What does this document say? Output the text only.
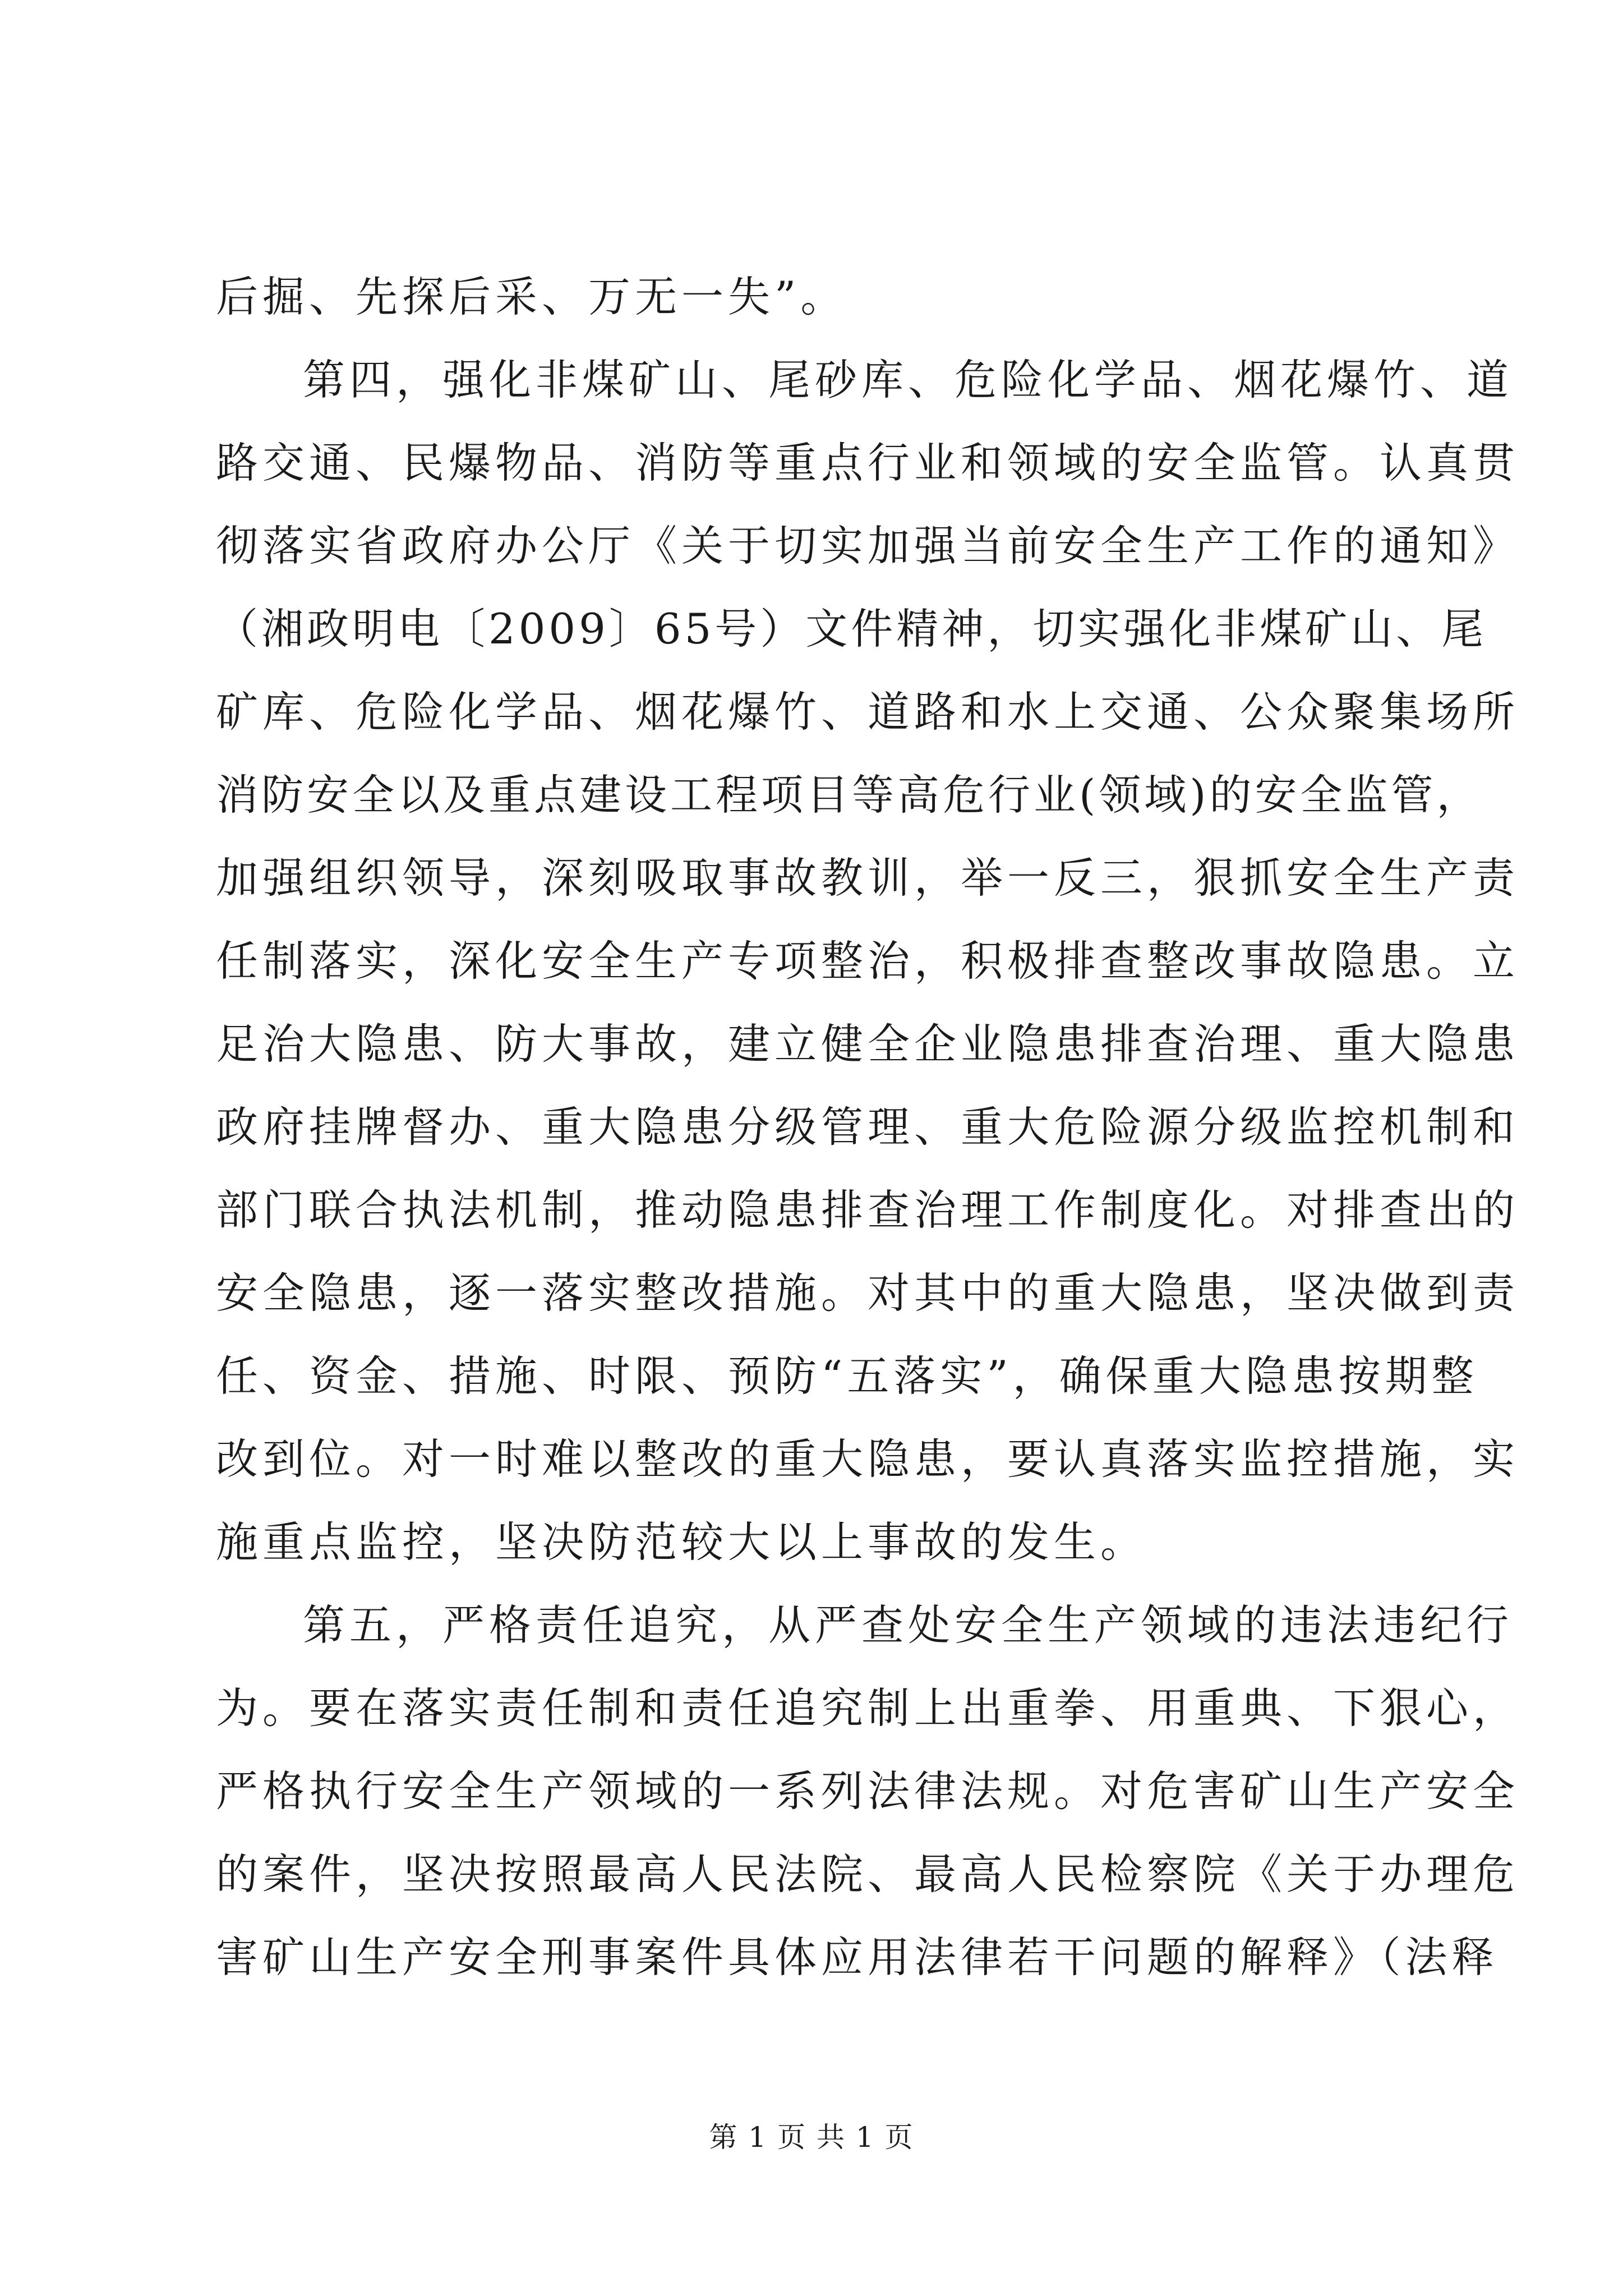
后掘、先探后采、万无一失”。
第四，强化非煤矿山、尾砂库、危险化学品、烟花爆竹、道
路交通、民爆物品、消防等重点行业和领域的安全监管。认真贯
彻落实省政府办公厅《关于切实加强当前安全生产工作的通知》
（湘政明电〔2009〕65号）文件精神，切实强化非煤矿山、尾
矿库、危险化学品、烟花爆竹、道路和水上交通、公众聚集场所
消防安全以及重点建设工程项目等高危行业(领域)的安全监管，
加强组织领导，深刻吸取事故教训，举一反三，狠抓安全生产责
任制落实，深化安全生产专项整治，积极排查整改事故隐患。立
足治大隐患、防大事故，建立健全企业隐患排查治理、重大隐患
政府挂牌督办、重大隐患分级管理、重大危险源分级监控机制和
部门联合执法机制，推动隐患排查治理工作制度化。对排查出的
安全隐患，逐一落实整改措施。对其中的重大隐患，坚决做到责
任、资金、措施、时限、预防“五落实”，确保重大隐患按期整
改到位。对一时难以整改的重大隐患，要认真落实监控措施，实
施重点监控，坚决防范较大以上事故的发生。
第五，严格责任追究，从严查处安全生产领域的违法违纪行
为。要在落实责任制和责任追究制上出重拳、用重典、下狠心，
严格执行安全生产领域的一系列法律法规。对危害矿山生产安全
的案件，坚决按照最高人民法院、最高人民检察院《关于办理危
害矿山生产安全刑事案件具体应用法律若干问题的解释》（法释
第 1 页 共 1 页
